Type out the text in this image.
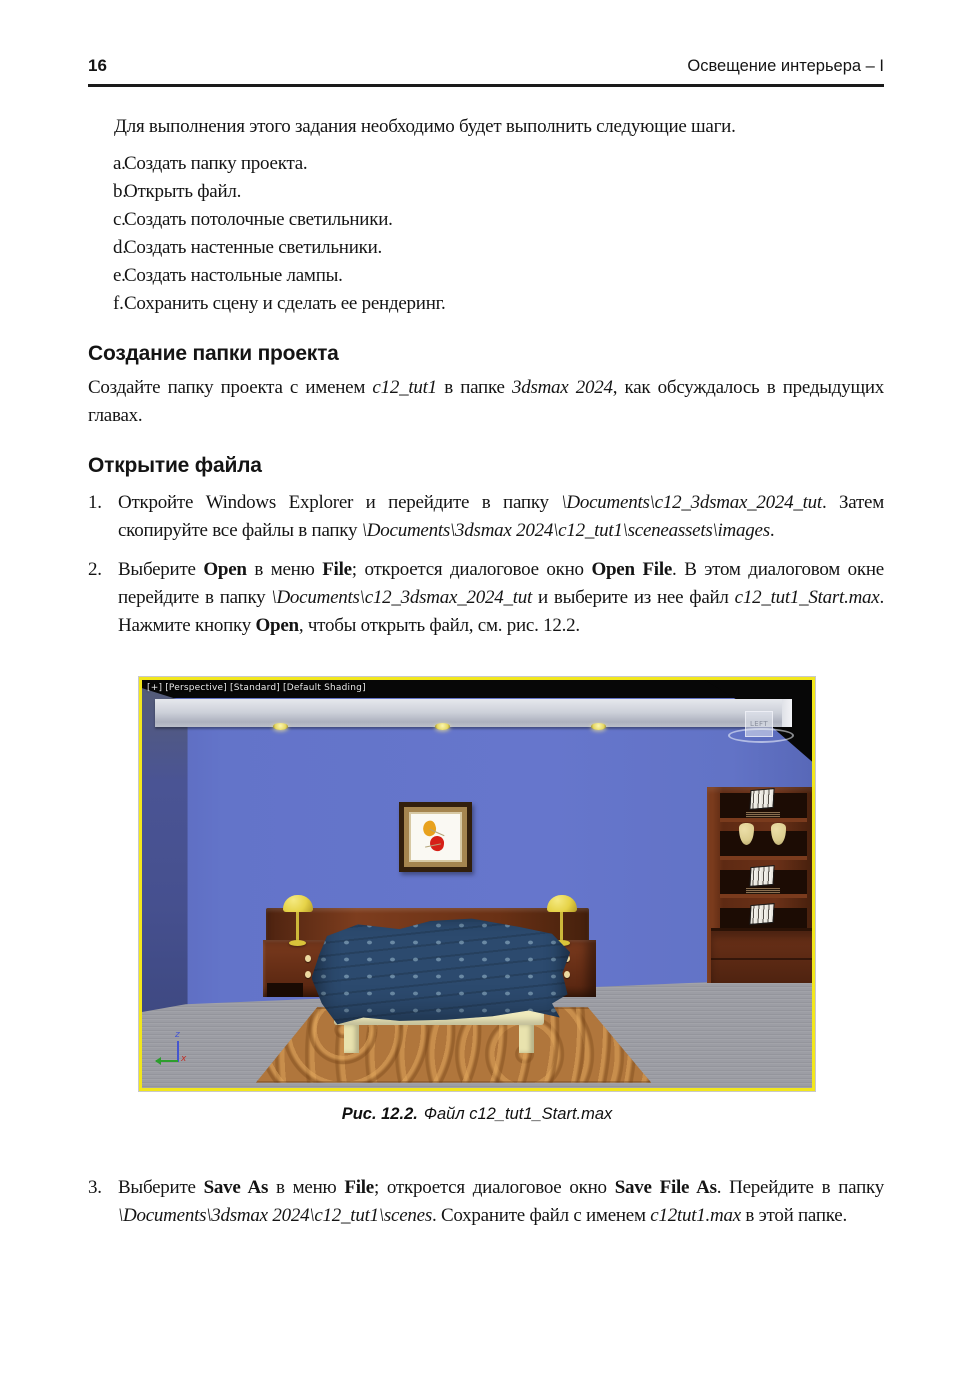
16	Освещение интерьера – I

Для выполнения этого задания необходимо будет выполнить следующие шаги.

a.
Создать папку проекта.
b.
Открыть файл.
c.
Создать потолочные светильники.
d.
Создать настенные светильники.
e.
Создать настольные лампы.
f. Сохранить сцену и сделать ее рендеринг.
Создание папки проекта

Создайте папку проекта с именем c12_tut1 в папке 3dsmax 2024, как обсуждалось в предыдущих главах.

Открытие файла
1. Откройте Windows Explorer и перейдите в папку \Documents\c12_3dsmax_2024_tut. Затем скопируйте все файлы в папку \Documents\3dsmax 2024\c12_tut1\sceneassets\images.

2. Выберите Open в меню File; откроется диалоговое окно Open File. В этом диалоговом окне перейдите в папку \Documents\c12_3dsmax_2024_tut и выберите из нее файл c12_tut1_Start.max. Нажмите кнопку Open, чтобы открыть файл, см. рис. 12.2.

[+] [Perspective] [Standard] [Default Shading]
LEFT
z
x
Рис. 12.2. Файл c12_tut1_Start.max
3. Выберите Save As в меню File; откроется диалоговое окно Save File As. Перейдите в папку \Documents\3dsmax 2024\c12_tut1\scenes. Сохраните файл с именем c12tut1.max в этой папке.
